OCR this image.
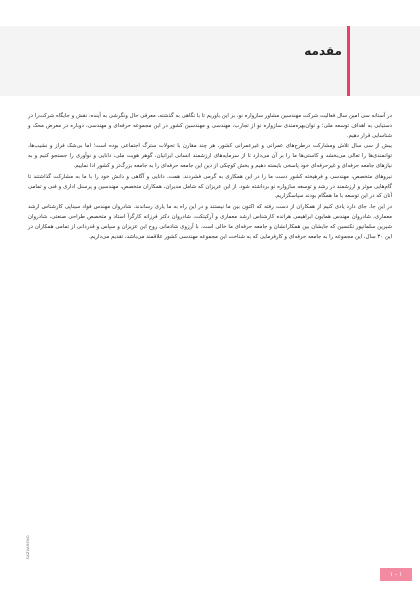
مقدمه

در آستانه سی امین سال فعالیت شرکت مهندسین مشاور سازواره نو، بر این باوریم تا با نگاهی به گذشته، معرفی حال ونگرشی به آینده، نقش و جایگاه شرکت‌را در دستیابی به اهداف توسعه ملی؛ و توان‌بهره‌مندی سازواره نو از تجارب، مهندسی و مهندسین کشور در این مجموعه حرفه‌ای و مهندسی، دوباره در معرض محک و شناسایی قرار دهیم.

بیش از سی سال تلاش ومشارکت درطرح‌های عمرانی و غیرعمرانی کشور، هر چند مقارن با تحولات سترگ اجتماعی بوده است؛ اما بی‌شک فراز و نشیب‌ها، توانمندی‌ها را تعالی می‌بخشد و کاستی‌ها ما را بر آن می‌دارد تا از سرمایه‌های ارزشمند انسانی ایرانیان، گوهر هویت ملی، دانایی و نوآوری را جستجو کنیم و به نیازهای جامعه حرفه‌ای و غیرحرفه‌ای خود پاسخی بایسته دهیم و بخش کوچکی از دین این جامعه حرفه‌ای را به جامعه بزرگ‌تر و کشور ادا نماییم.

نیروهای متخصص، مهندسی و فرهیخته کشور دست ما را در این همکاری به گرمی فشردند. همت، دانایی و آگاهی و دانش خود را با ما به مشارکت گذاشتند تا گام‌هایی موثر و ارزشمند در رشد و توسعه سازواره نو برداشته شود. از این عزیزان که شامل مدیران، همکاران متخصص، مهندسین و پرسنل اداری و فنی و تمامی آنان که در این توسعه با ما همگام بودند سپاسگزاریم.

در این جا، جای دارد یادی کنیم از همکاران از دست رفته که اکنون بین ما نیستند و در این راه به ما یاری رساندند. شادروان مهندس فواد سیناپی کارشناس ارشد معماری، شادروان مهندس همایون ابراهیمی هرانده کارشناس ارشد معماری و آرکیتکت، شادروان دکتر فرزانه کارگرآ استاد و متخصص طراحی صنعتی، شادروان شیرین سلمانپور تکنسین که جایشان بین همکارانشان و جامعه حرفه‌ای ما خالی است. با آرزوی شادمانی روح این عزیزان و سپاس و قدردانی از تمامی همکاران در این ۳۰ سال، این مجموعه را به جامعه حرفه‌ای و کارفرمایی که به شناخت این مجموعه مهندسی کشور علاقمند می‌باشد، تقدیم می‌داریم.

SAZVARENO
۱ - ۱
